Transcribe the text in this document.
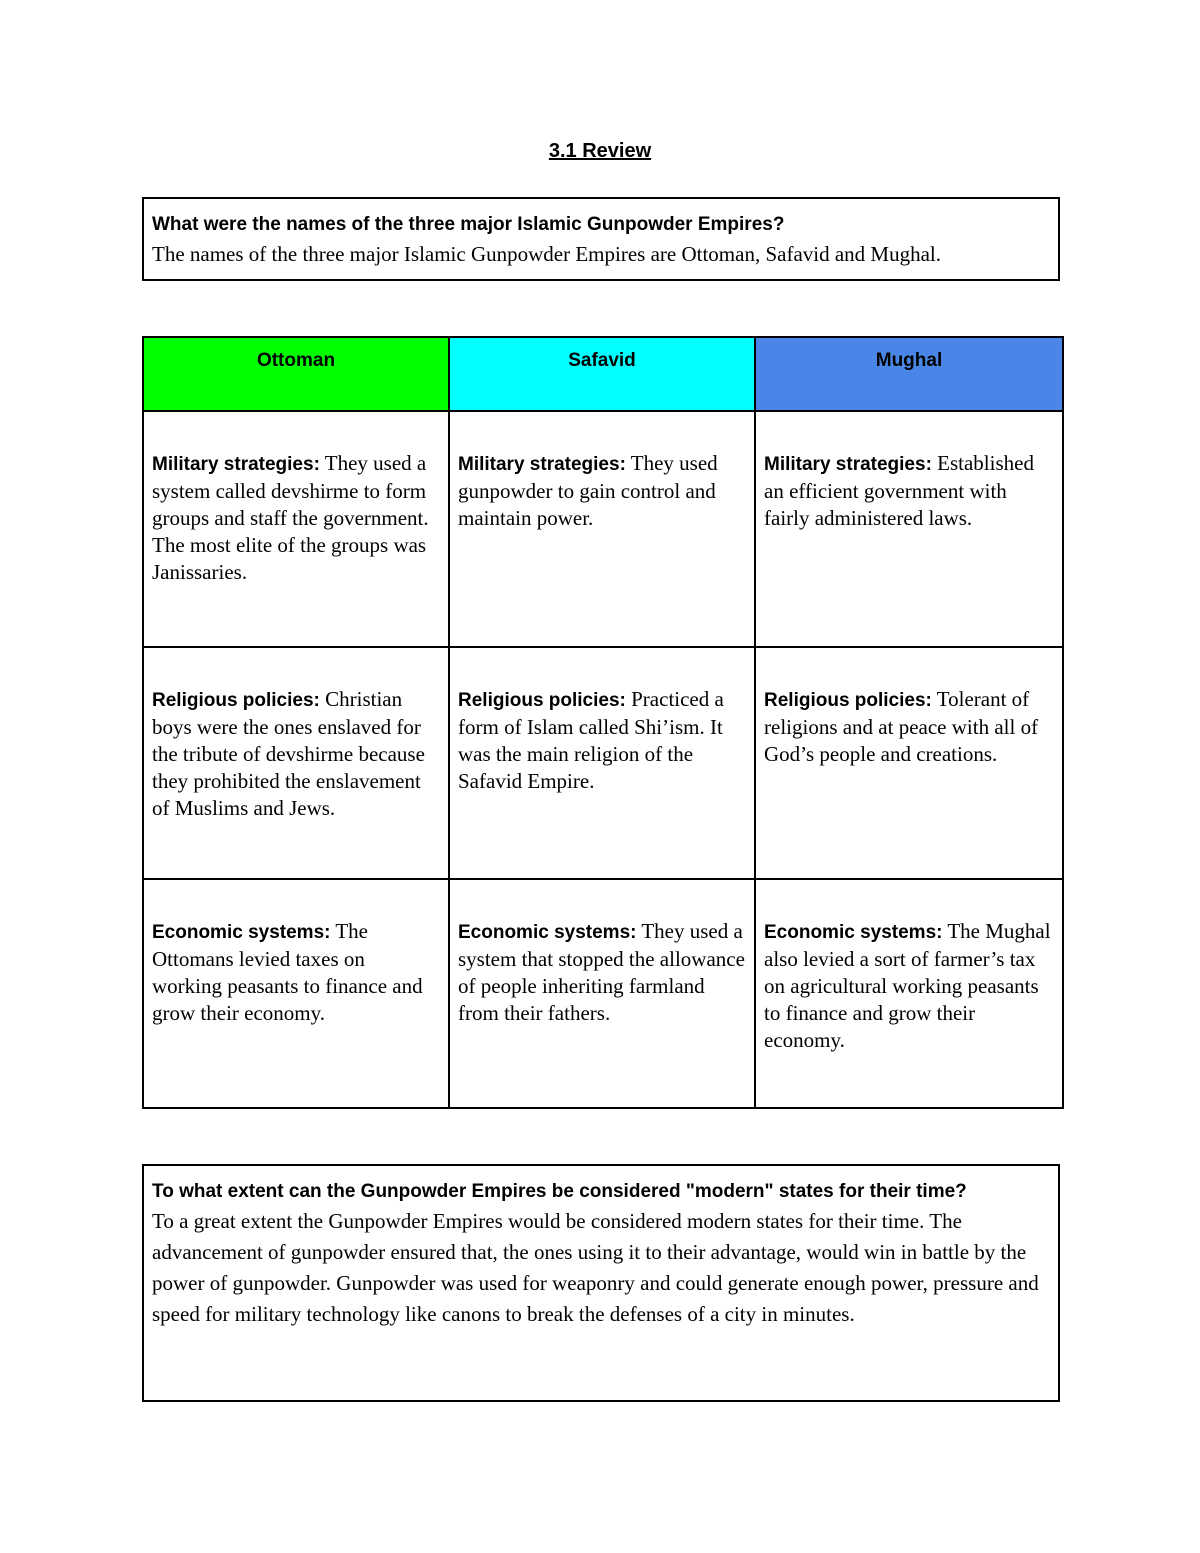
3.1 Review

What were the names of the three major Islamic Gunpowder Empires?

The names of the three major Islamic Gunpowder Empires are Ottoman, Safavid and Mughal.

Ottoman	Safavid	Mughal

Military strategies: They used a system called devshirme to form groups and staff the government. The most elite of the groups was Janissaries.	Military strategies: They used gunpowder to gain control and maintain power.	Military strategies: Established an efficient government with fairly administered laws.

Religious policies: Christian boys were the ones enslaved for the tribute of devshirme because they prohibited the enslavement of Muslims and Jews.	Religious policies: Practiced a form of Islam called Shi’ism. It was the main religion of the Safavid Empire.	Religious policies: Tolerant of religions and at peace with all of God’s people and creations.

Economic systems: The Ottomans levied taxes on working peasants to finance and grow their economy.	Economic systems: They used a system that stopped the allowance of people inheriting farmland from their fathers.	Economic systems: The Mughal also levied a sort of farmer’s tax on agricultural working peasants to finance and grow their economy.

To what extent can the Gunpowder Empires be considered "modern" states for their time?

To a great extent the Gunpowder Empires would be considered modern states for their time. The advancement of gunpowder ensured that, the ones using it to their advantage, would win in battle by the power of gunpowder. Gunpowder was used for weaponry and could generate enough power, pressure and speed for military technology like canons to break the defenses of a city in minutes.
